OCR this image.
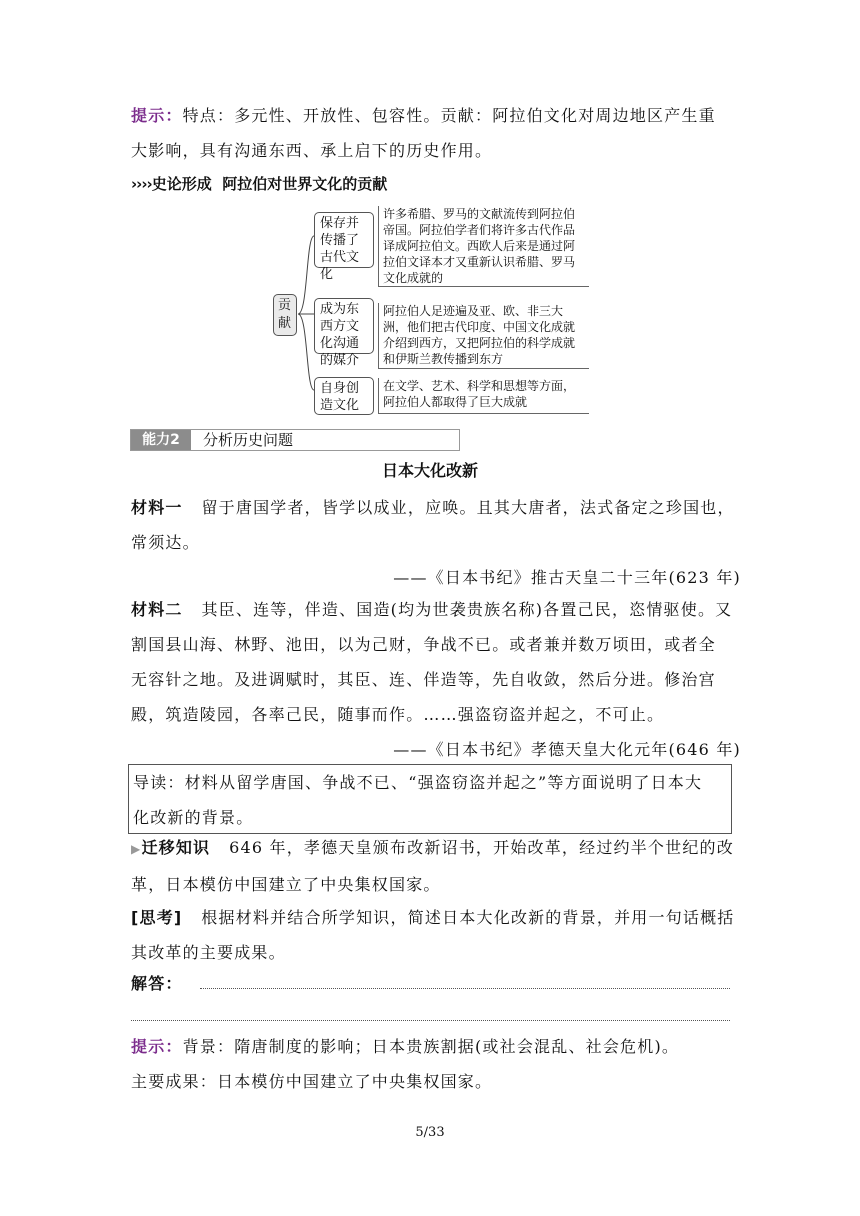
提示：特点：多元性、开放性、包容性。贡献：阿拉伯文化对周边地区产生重
大影响，具有沟通东西、承上启下的历史作用。
››››史论形成 阿拉伯对世界文化的贡献
贡献
保存并传播了古代文化
许多希腊、罗马的文献流传到阿拉伯帝国。阿拉伯学者们将许多古代作品译成阿拉伯文。西欧人后来是通过阿拉伯文译本才又重新认识希腊、罗马文化成就的
成为东西方文化沟通的媒介
阿拉伯人足迹遍及亚、欧、非三大洲，他们把古代印度、中国文化成就介绍到西方，又把阿拉伯的科学成就和伊斯兰教传播到东方
自身创造文化
在文学、艺术、科学和思想等方面，阿拉伯人都取得了巨大成就
能力2	分析历史问题
日本大化改新
材料一 留于唐国学者，皆学以成业，应唤。且其大唐者，法式备定之珍国也，
常须达。
——《日本书纪》推古天皇二十三年(623 年)
材料二 其臣、连等，伴造、国造(均为世袭贵族名称)各置己民，恣情驱使。又
割国县山海、林野、池田，以为己财，争战不已。或者兼并数万顷田，或者全
无容针之地。及进调赋时，其臣、连、伴造等，先自收敛，然后分进。修治宫
殿，筑造陵园，各率己民，随事而作。……强盗窃盗并起之，不可止。
——《日本书纪》孝德天皇大化元年(646 年)
导读：材料从留学唐国、争战不已、“强盗窃盗并起之”等方面说明了日本大
化改新的背景。
▶迁移知识 646 年，孝德天皇颁布改新诏书，开始改革，经过约半个世纪的改
革，日本模仿中国建立了中央集权国家。
[思考] 根据材料并结合所学知识，简述日本大化改新的背景，并用一句话概括
其改革的主要成果。
解答：
提示：背景：隋唐制度的影响；日本贵族割据(或社会混乱、社会危机)。
主要成果：日本模仿中国建立了中央集权国家。
5/33
